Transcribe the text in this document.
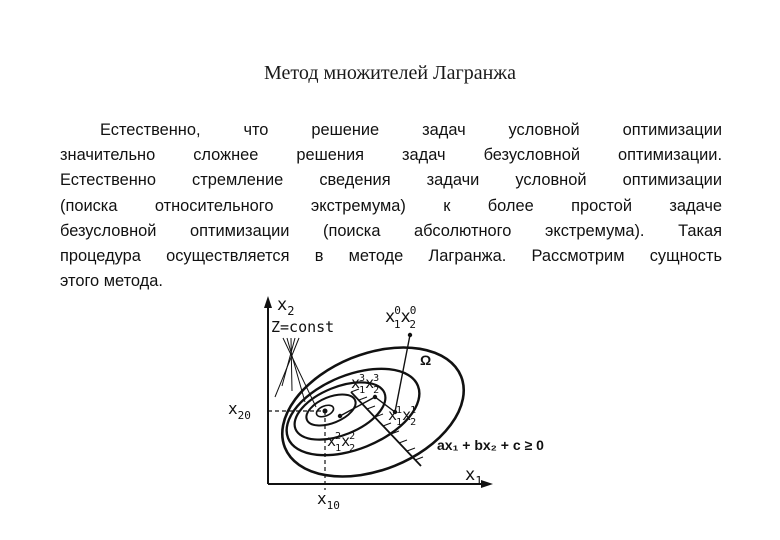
Метод множителей Лагранжа
Естественно, что решение задач условной оптимизации
значительно сложнее решения задач безусловной оптимизации.
Естественно стремление сведения задачи условной оптимизации
(поиска относительного экстремума) к более простой задаче
безусловной оптимизации (поиска абсолютного экстремума). Такая
процедура осуществляется в методе Лагранжа. Рассмотрим сущность
этого метода.
$x_2$
Z=const
$x_1$
$x_{20}$
$x_{10}$
Ω
x0 1x0 2
x3 1x3 2
x1 1x1 2
x2 1x2 2	ax₁ + bx₂ + c ≥ 0
